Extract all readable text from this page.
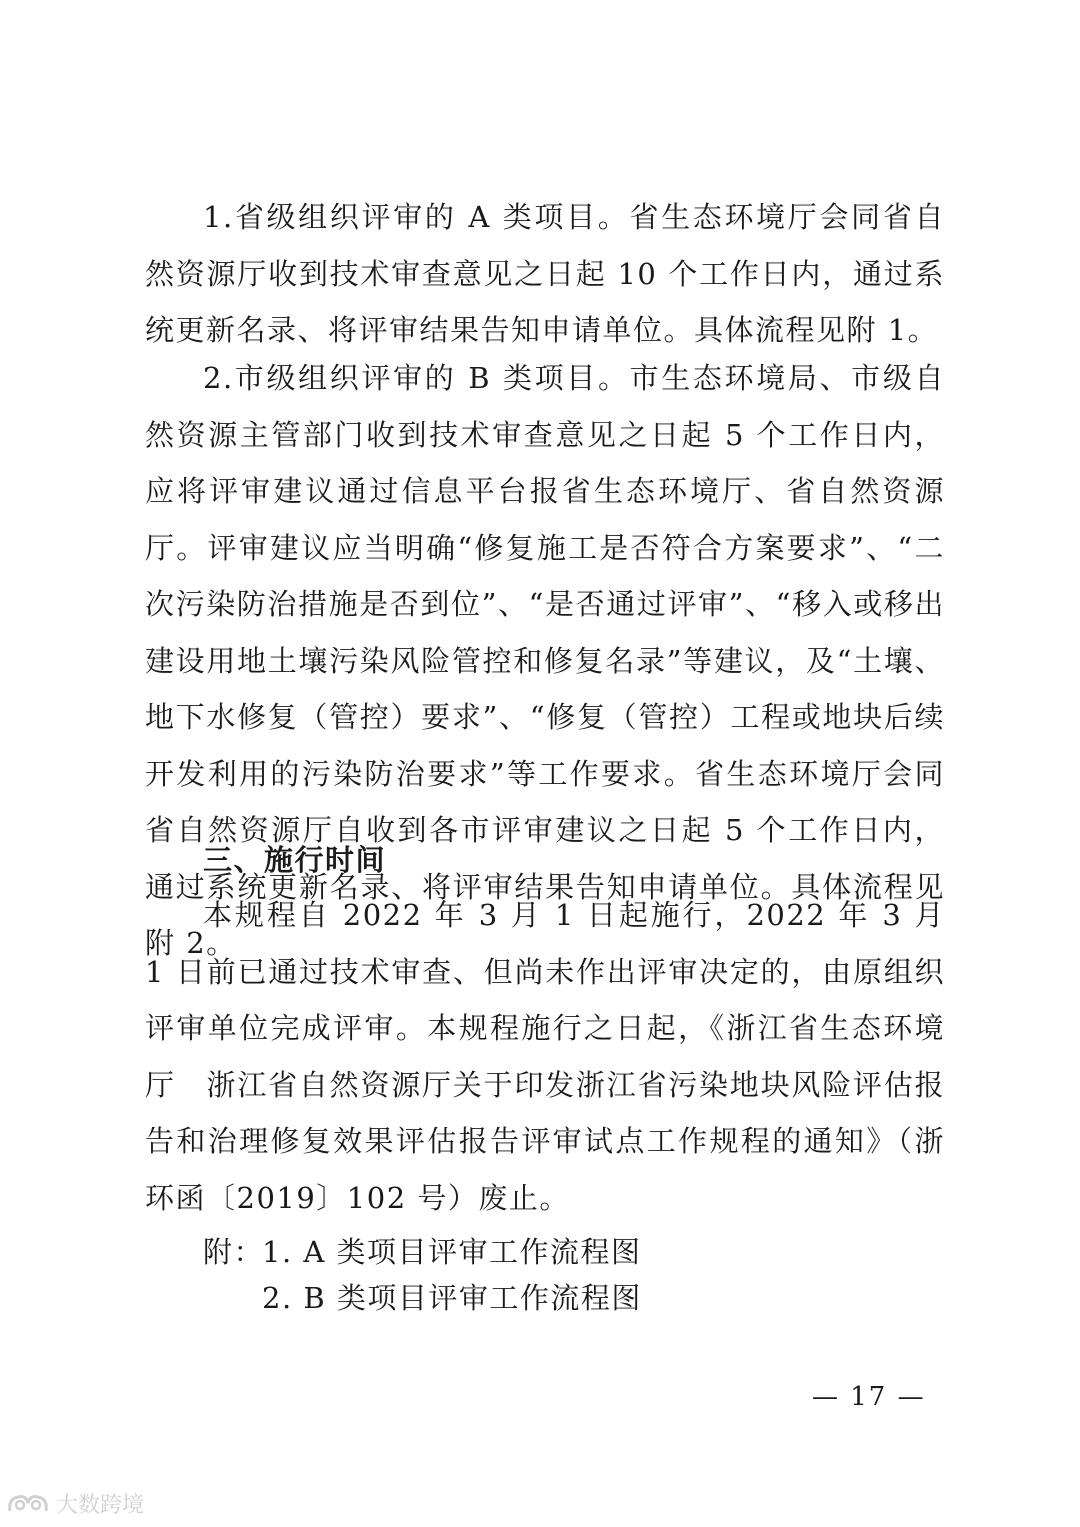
1.省级组织评审的 A 类项目。省生态环境厅会同省自然资源厅收到技术审查意见之日起 10 个工作日内，通过系统更新名录、将评审结果告知申请单位。具体流程见附 1。

2.市级组织评审的 B 类项目。市生态环境局、市级自然资源主管部门收到技术审查意见之日起 5 个工作日内，应将评审建议通过信息平台报省生态环境厅、省自然资源厅。评审建议应当明确“修复施工是否符合方案要求”、“二次污染防治措施是否到位”、“是否通过评审”、“移入或移出建设用地土壤污染风险管控和修复名录”等建议，及“土壤、地下水修复（管控）要求”、“修复（管控）工程或地块后续开发利用的污染防治要求”等工作要求。省生态环境厅会同省自然资源厅自收到各市评审建议之日起 5 个工作日内，通过系统更新名录、将评审结果告知申请单位。具体流程见附 2。

三、施行时间

本规程自 2022 年 3 月 1 日起施行，2022 年 3 月 1 日前已通过技术审查、但尚未作出评审决定的，由原组织评审单位完成评审。本规程施行之日起，《浙江省生态环境厅　浙江省自然资源厅关于印发浙江省污染地块风险评估报告和治理修复效果评估报告评审试点工作规程的通知》（浙环函〔2019〕102 号）废止。

附：
1. A 类项目评审工作流程图
2. B 类项目评审工作流程图
— 17 —
大数跨境
